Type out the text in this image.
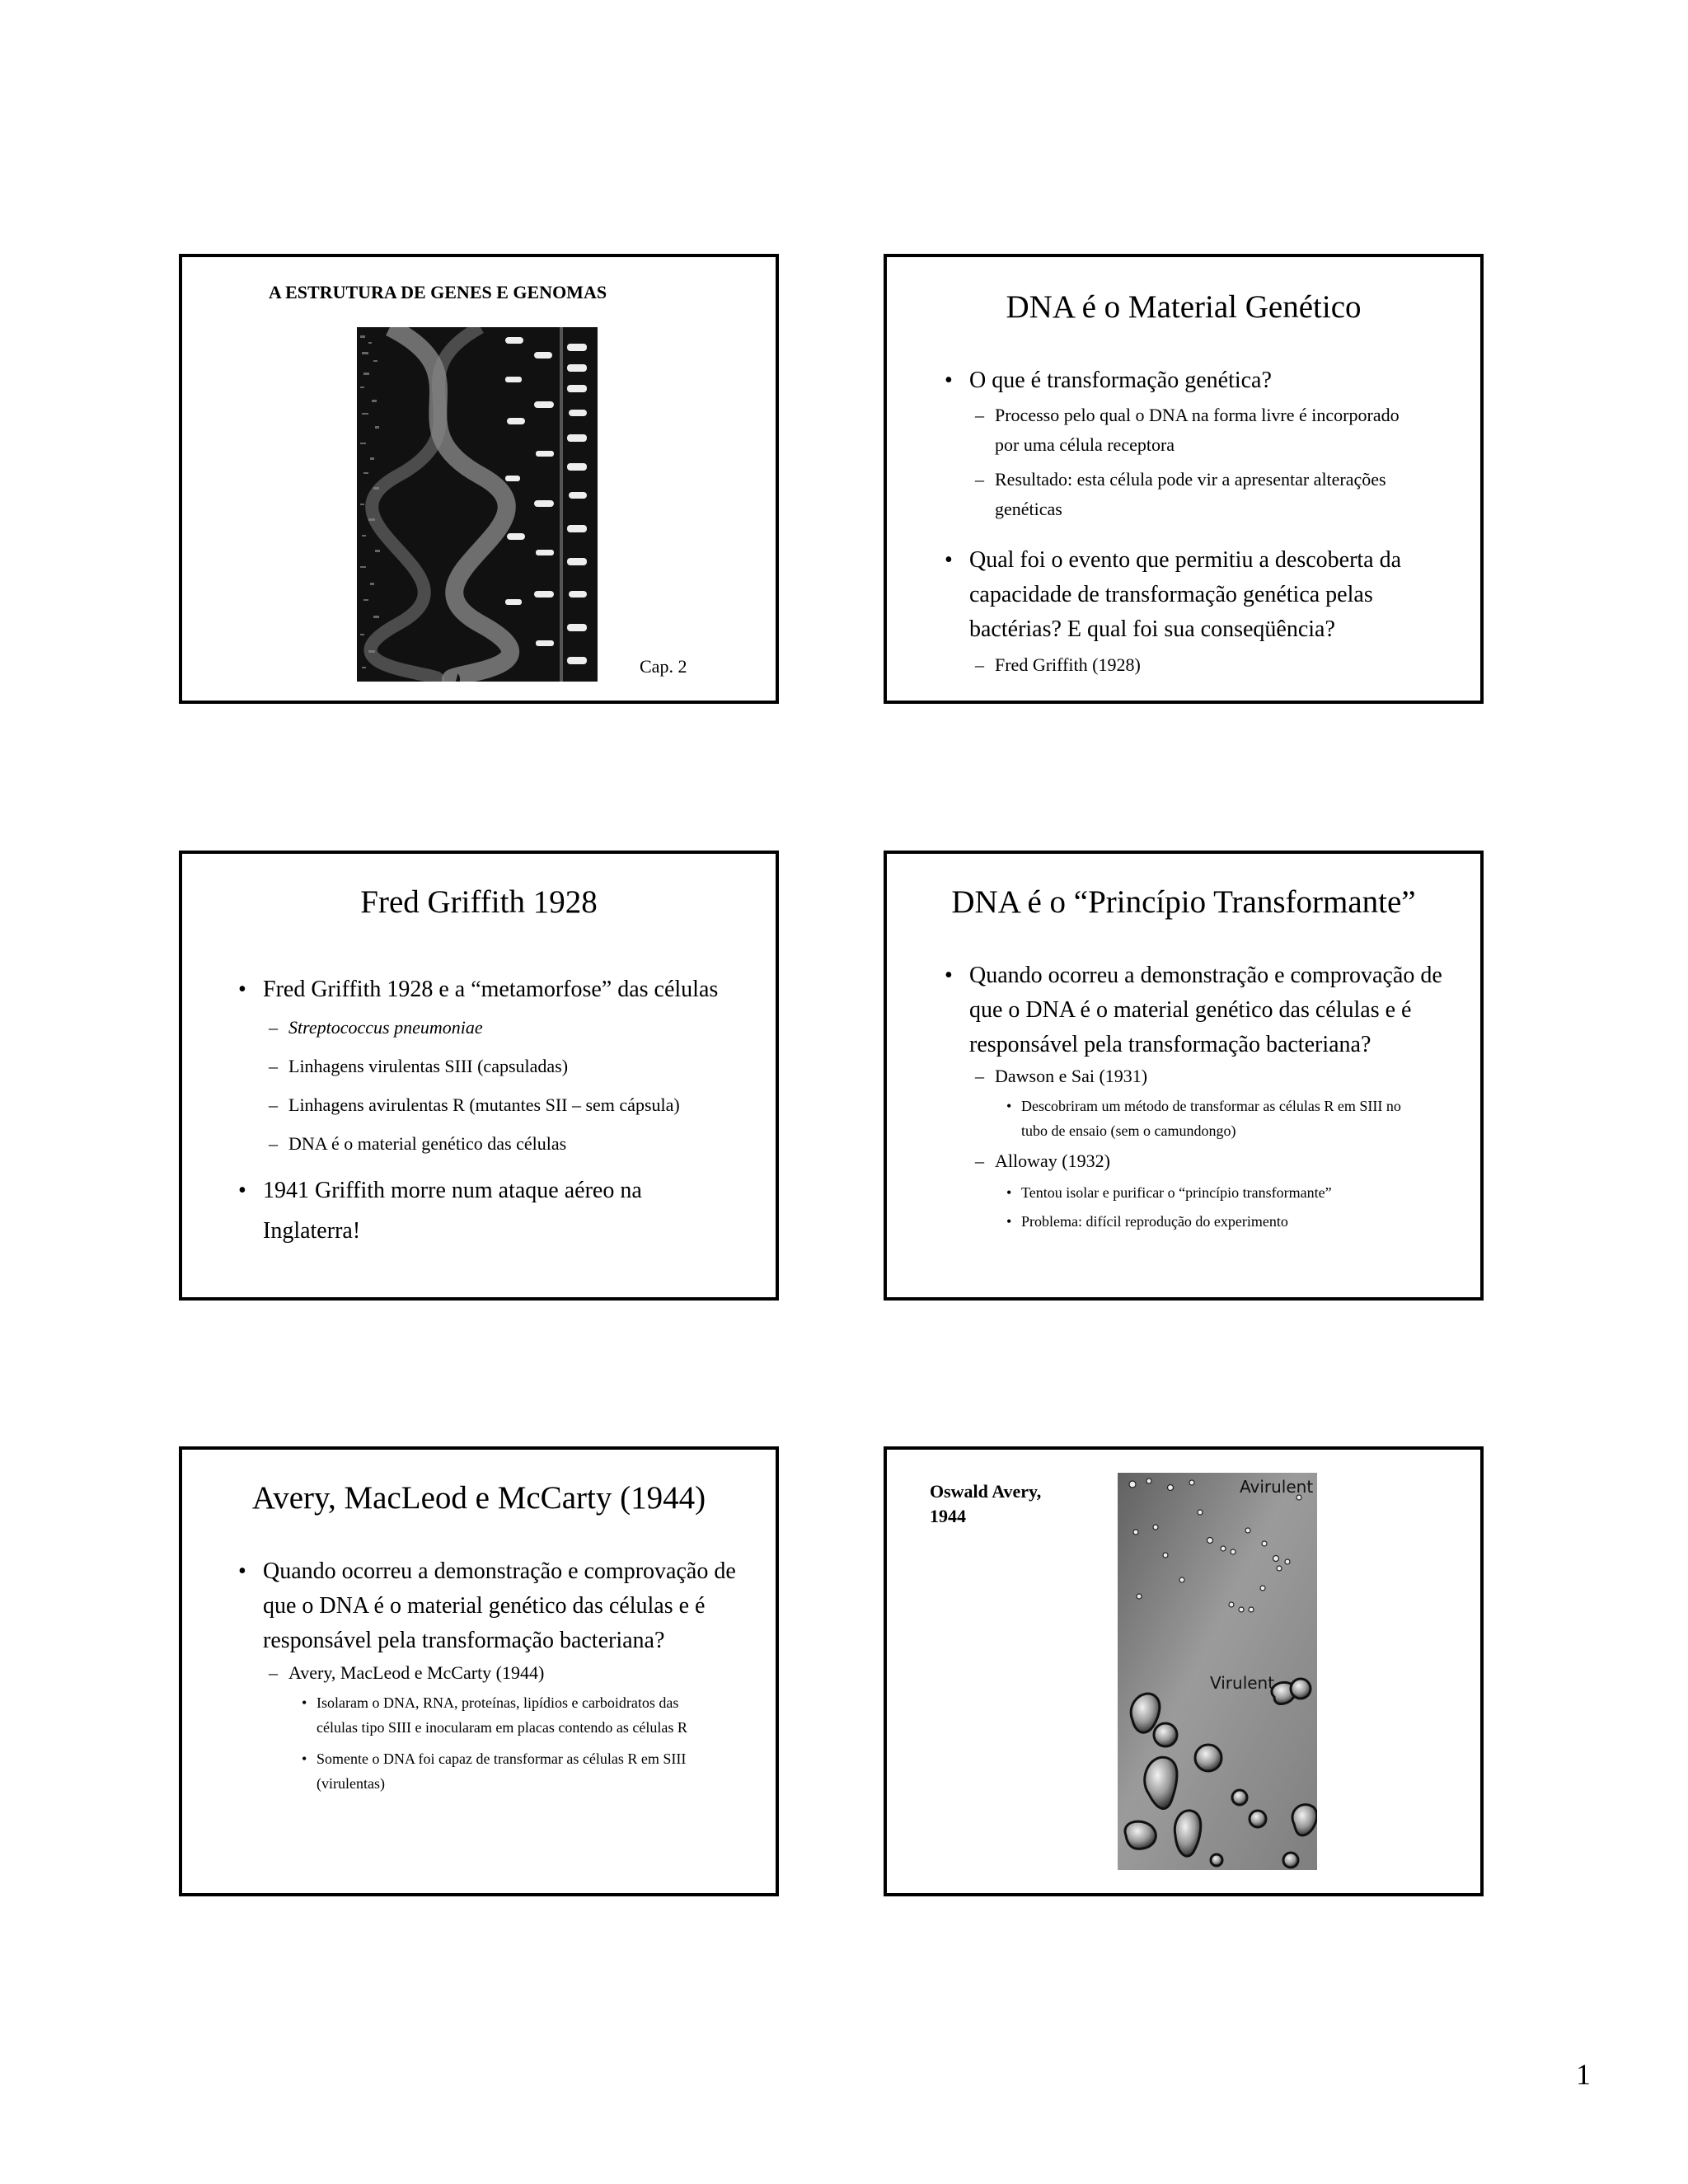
A ESTRUTURA DE GENES E GENOMAS
Cap. 2
DNA é o Material Genético
• O que é transformação genética?
– Processo pelo qual o DNA na forma livre é incorporado
por uma célula receptora
– Resultado: esta célula pode vir a apresentar alterações
genéticas
• Qual foi o evento que permitiu a descoberta da
capacidade de transformação genética pelas
bactérias? E qual foi sua conseqüência?
– Fred Griffith (1928)
Fred Griffith 1928
• Fred Griffith 1928 e a “metamorfose” das células
– Streptococcus pneumoniae
– Linhagens virulentas SIII (capsuladas)
– Linhagens avirulentas R (mutantes SII – sem cápsula)
– DNA é o material genético das células
• 1941 Griffith morre num ataque aéreo na
Inglaterra!
DNA é o “Princípio Transformante”
• Quando ocorreu a demonstração e comprovação de
que o DNA é o material genético das células e é
responsável pela transformação bacteriana?
– Dawson e Sai (1931)
• Descobriram um método de transformar as células R em SIII no
tubo de ensaio (sem o camundongo)
– Alloway (1932)
• Tentou isolar e purificar o “princípio transformante”
• Problema: difícil reprodução do experimento
Avery, MacLeod e McCarty (1944)
• Quando ocorreu a demonstração e comprovação de
que o DNA é o material genético das células e é
responsável pela transformação bacteriana?
– Avery, MacLeod e McCarty (1944)
• Isolaram o DNA, RNA, proteínas, lipídios e carboidratos das
células tipo SIII e inocularam em placas contendo as células R
• Somente o DNA foi capaz de transformar as células R em SIII
(virulentas)
Oswald Avery,
1944
Avirulent
Virulent
1
